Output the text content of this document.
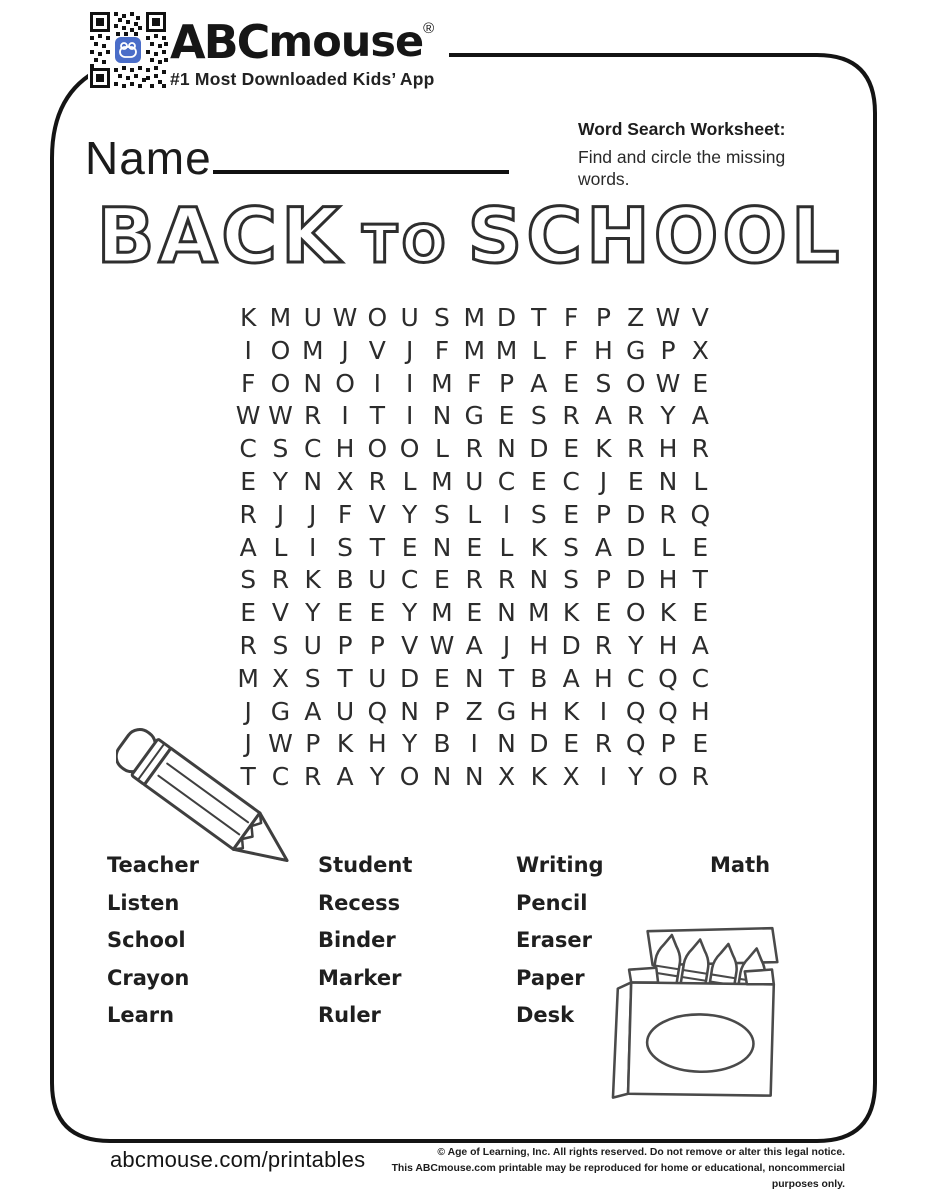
ABC mouse ®
#1 Most Downloaded Kids’ App
Name
Word Search Worksheet:
Find and circle the missing words.
BACK TO SCHOOL
K M U W O U S M D T F P Z W V
I O M J V J F M M L F H G P X
F O N O I I M F P A E S O W E
W W R I T I N G E S R A R Y A
C S C H O O L R N D E K R H R
E Y N X R L M U C E C J E N L
R J J F V Y S L I S E P D R Q
A L I S T E N E L K S A D L E
S R K B U C E R R N S P D H T
E V Y E E Y M E N M K E O K E
R S U P P V W A J H D R Y H A
M X S T U D E N T B A H C Q C
J G A U Q N P Z G H K I Q Q H
J W P K H Y B I N D E R Q P E
T C R A Y O N N X K X I Y O R
Teacher
Listen
School
Crayon
Learn
Student
Recess
Binder
Marker
Ruler
Writing
Pencil
Eraser
Paper
Desk
Math
abcmouse.com/printables	© Age of Learning, Inc. All rights reserved. Do not remove or alter this legal notice.
This ABCmouse.com printable may be reproduced for home or educational, noncommercial purposes only.
